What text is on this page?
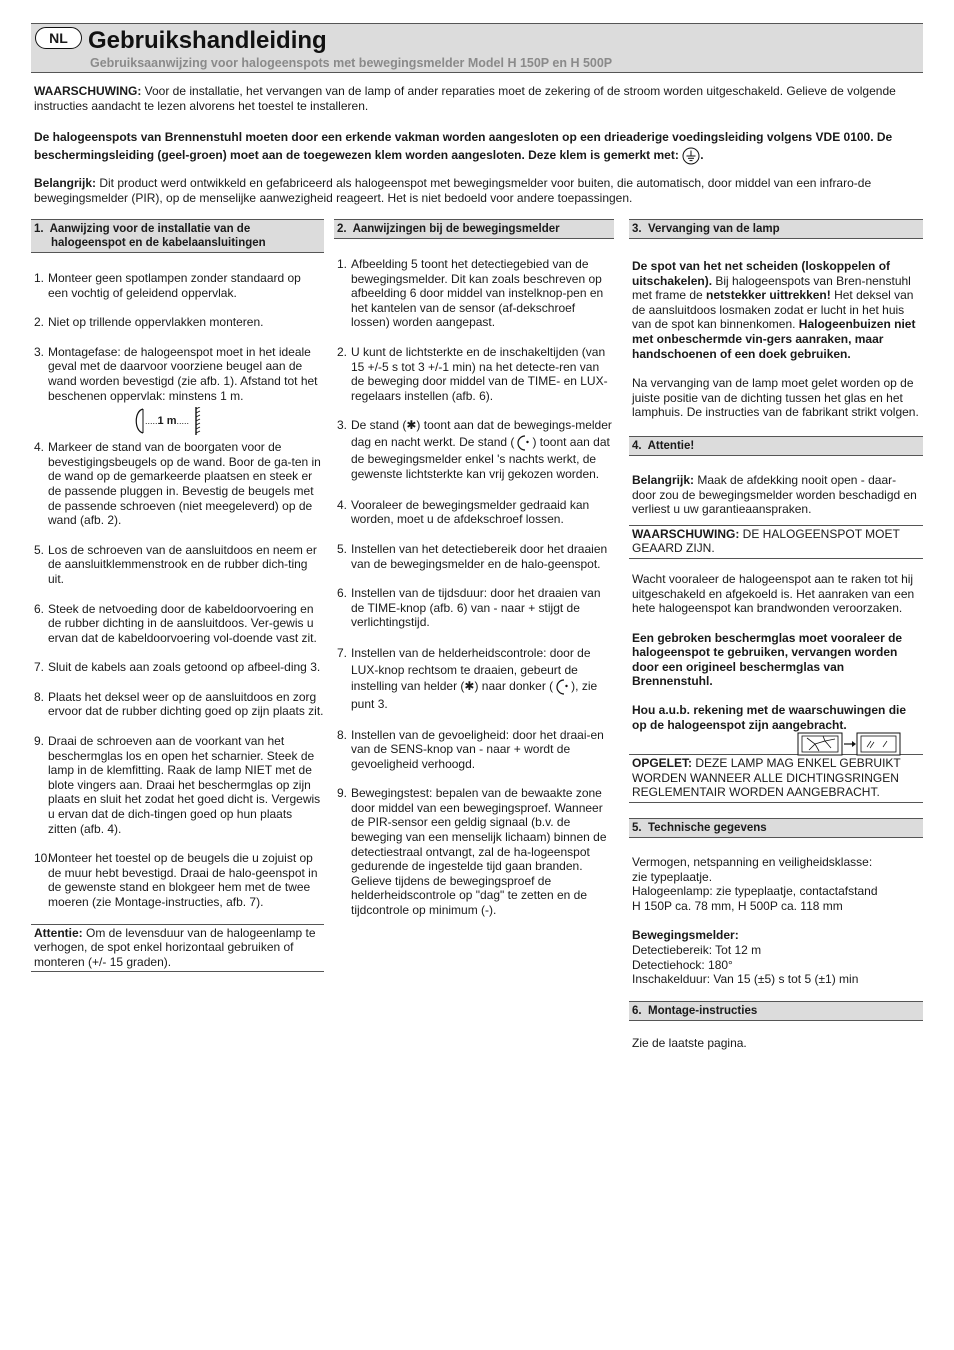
NL Gebruikshandleiding
Gebruiksaanwijzing voor halogeenspots met bewegingsmelder Model H 150P en H 500P
WAARSCHUWING: Voor de installatie, het vervangen van de lamp of ander reparaties moet de zekering of de stroom worden uitgeschakeld. Gelieve de volgende instructies aandacht te lezen alvorens het toestel te installeren.
De halogeenspots van Brennenstuhl moeten door een erkende vakman worden aangesloten op een drieaderige voedingsleiding volgens VDE 0100. De beschermingsleiding (geel-groen) moet aan de toegewezen klem worden aangesloten. Deze klem is gemerkt met: .
Belangrijk: Dit product werd ontwikkeld en gefabriceerd als halogeenspot met bewegingsmelder voor buiten, die automatisch, door middel van een infraro-de bewegingsmelder (PIR), op de menselijke aanwezigheid reageert. Het is niet bedoeld voor andere toepassingen.
1. Aanwijzing voor de installatie van de halogeenspot en de kabelaansluitingen
1. Monteer geen spotlampen zonder standaard op een vochtig of geleidend oppervlak.
2. Niet op trillende oppervlakken monteren.
3. Montagefase: de halogeenspot moet in het ideale geval met de daarvoor voorziene beugel aan de wand worden bevestigd (zie afb. 1). Afstand tot het beschenen oppervlak: minstens 1 m.
..... 1 m .....
4. Markeer de stand van de boorgaten voor de bevestigingsbeugels op de wand. Boor de ga-ten in de wand op de gemarkeerde plaatsen en steek er de passende pluggen in. Bevestig de beugels met de passende schroeven (niet meegeleverd) op de wand (afb. 2).
5. Los de schroeven van de aansluitdoos en neem er de aansluitklemmenstrook en de rubber dich-ting uit.
6. Steek de netvoeding door de kabeldoorvoering en de rubber dichting in de aansluitdoos. Ver-gewis u ervan dat de kabeldoorvoering vol-doende vast zit.
7. Sluit de kabels aan zoals getoond op afbeel-ding 3.
8. Plaats het deksel weer op de aansluitdoos en zorg ervoor dat de rubber dichting goed op zijn plaats zit.
9. Draai de schroeven aan de voorkant van het beschermglas los en open het scharnier. Steek de lamp in de klemfitting. Raak de lamp NIET met de blote vingers aan. Draai het beschermglas op zijn plaats en sluit het zodat het goed dicht is. Vergewis u ervan dat de dich-tingen goed op hun plaats zitten (afb. 4).
10.
Monteer het toestel op de beugels die u zojuist op de muur hebt bevestigd. Draai de halo-geenspot in de gewenste stand en blokgeer hem met de twee moeren (zie Montage-instructies, afb. 7).
Attentie: Om de levensduur van de halogeenlamp te verhogen, de spot enkel horizontaal gebruiken of monteren (+/- 15 graden).
2. Aanwijzingen bij de bewegingsmelder
1. Afbeelding 5 toont het detectiegebied van de bewegingsmelder. Dit kan zoals beschreven op afbeelding 6 door middel van instelknop-pen en het kantelen van de sensor (af-dekschroef lossen) worden aangepast.
2. U kunt de lichtsterkte en de inschakeltijden (van 15 +/-5 s tot 3 +/-1 min) na het detecte-ren van de beweging door middel van de TIME- en LUX-regelaars instellen (afb. 6).
3. De stand (✱) toont aan dat de bewegings-melder dag en nacht werkt. De stand ( ) toont aan dat de bewegingsmelder enkel 's nachts werkt, de gewenste lichtsterkte kan vrij gekozen worden.
4. Vooraleer de bewegingsmelder gedraaid kan worden, moet u de afdekschroef lossen.
5. Instellen van het detectiebereik door het draaien van de bewegingsmelder en de halo-geenspot.
6. Instellen van de tijdsduur: door het draaien van de TIME-knop (afb. 6) van - naar + stijgt de verlichtingstijd.
7. Instellen van de helderheidscontrole: door de LUX-knop rechtsom te draaien, gebeurt de instelling van helder (✱) naar donker ( ), zie punt 3.
8. Instellen van de gevoeligheid: door het draai-en van de SENS-knop van - naar + wordt de gevoeligheid verhoogd.
9. Bewegingstest: bepalen van de bewaakte zone door middel van een bewegingsproef. Wanneer de PIR-sensor een geldig signaal (b.v. de beweging van een menselijk lichaam) binnen de detectiestraal ontvangt, zal de ha-logeenspot gedurende de ingestelde tijd gaan branden. Gelieve tijdens de bewegingsproef de helderheidscontrole op "dag" te zetten en de tijdcontrole op minimum (-).
3. Vervanging van de lamp
De spot van het net scheiden (loskoppelen of uitschakelen). Bij halogeenspots van Bren-nenstuhl met frame de netstekker uittrekken! Het deksel van de aansluitdoos losmaken zodat er lucht in het huis van de spot kan binnenkomen. Halogeenbuizen niet met onbeschermde vin-gers aanraken, maar handschoenen of een doek gebruiken.
Na vervanging van de lamp moet gelet worden op de juiste positie van de dichting tussen het glas en het lamphuis. De instructies van de fabrikant strikt volgen.
4. Attentie!
Belangrijk: Maak de afdekking nooit open - daar-door zou de bewegingsmelder worden beschadigd en verliest u uw garantieaanspraken.
WAARSCHUWING: DE HALOGEENSPOT MOET GEAARD ZIJN.
Wacht vooraleer de halogeenspot aan te raken tot hij uitgeschakeld en afgekoeld is. Het aanraken van een hete halogeenspot kan brandwonden veroorzaken.
Een gebroken beschermglas moet vooraleer de halogeenspot te gebruiken, vervangen worden door een origineel beschermglas van Brennenstuhl.
Hou a.u.b. rekening met de waarschuwingen die op de halogeenspot zijn aangebracht.
OPGELET: DEZE LAMP MAG ENKEL GEBRUIKT WORDEN WANNEER ALLE DICHTINGSRINGEN REGLEMENTAIR WORDEN AANGEBRACHT.
5. Technische gegevens
Vermogen, netspanning en veiligheidsklasse:
zie typeplaatje.
Halogeenlamp: zie typeplaatje, contactafstand
H 150P ca. 78 mm, H 500P ca. 118 mm
Bewegingsmelder:
Detectiebereik: Tot 12 m
Detectiehock: 180°
Inschakelduur: Van 15 (±5) s tot 5 (±1) min
6. Montage-instructies
Zie de laatste pagina.
